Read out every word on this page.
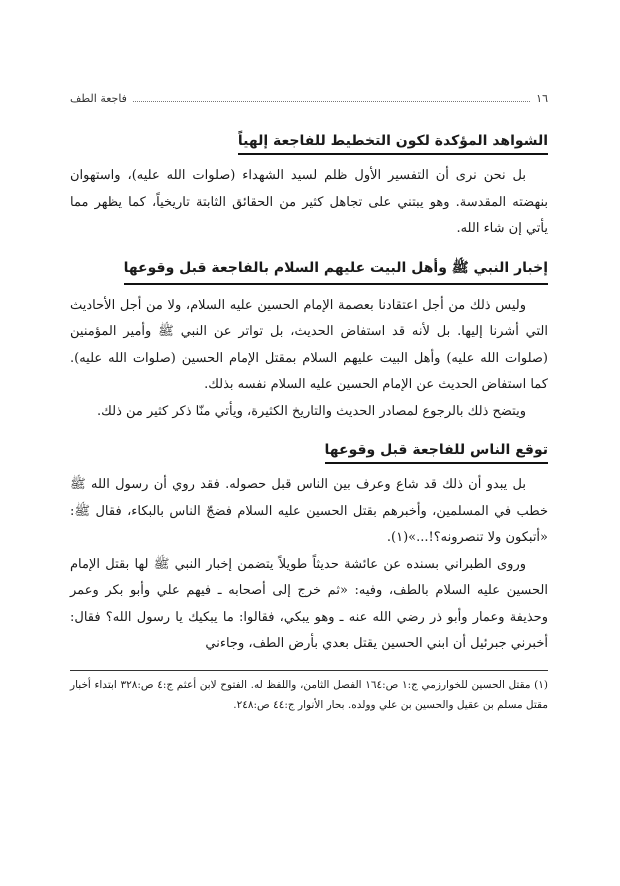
١٦
فاجعة الطف
الشواهد المؤكدة لكون التخطيط للفاجعة إلهياً

بل نحن نرى أن التفسير الأول ظلم لسيد الشهداء (صلوات الله عليه)، واستهوان بنهضته المقدسة. وهو يبتني على تجاهل كثير من الحقائق الثابتة تاريخياً، كما يظهر مما يأتي إن شاء الله.

إخبار النبي ﷺ وأهل البيت عليهم السلام بالفاجعة قبل وقوعها

وليس ذلك من أجل اعتقادنا بعصمة الإمام الحسين عليه السلام، ولا من أجل الأحاديث التي أشرنا إليها. بل لأنه قد استفاض الحديث، بل تواتر عن النبي ﷺ وأمير المؤمنين (صلوات الله عليه) وأهل البيت عليهم السلام بمقتل الإمام الحسين (صلوات الله عليه). كما استفاض الحديث عن الإمام الحسين عليه السلام نفسه بذلك.

ويتضح ذلك بالرجوع لمصادر الحديث والتاريخ الكثيرة، ويأتي منّا ذكر كثير من ذلك.

توقع الناس للفاجعة قبل وقوعها

بل يبدو أن ذلك قد شاع وعرف بين الناس قبل حصوله. فقد روي أن رسول الله ﷺ خطب في المسلمين، وأخبرهم بقتل الحسين عليه السلام فضجّ الناس بالبكاء، فقال ﷺ: «أتبكون ولا تنصرونه؟!...»(١).

وروى الطبراني بسنده عن عائشة حديثاً طويلاً يتضمن إخبار النبي ﷺ لها بقتل الإمام الحسين عليه السلام بالطف، وفيه: «ثم خرج إلى أصحابه ـ فيهم علي وأبو بكر وعمر وحذيفة وعمار وأبو ذر رضي الله عنه ـ وهو يبكي، فقالوا: ما يبكيك يا رسول الله؟ فقال: أخبرني جبرئيل أن ابني الحسين يقتل بعدي بأرض الطف، وجاءني

(١) مقتل الحسين للخوارزمي ج:١ ص:١٦٤ الفصل الثامن، واللفظ له. الفتوح لابن أعثم ج:٤ ص:٣٢٨ ابتداء أخبار مقتل مسلم بن عقيل والحسين بن علي وولده. بحار الأنوار ج:٤٤ ص:٢٤٨.
